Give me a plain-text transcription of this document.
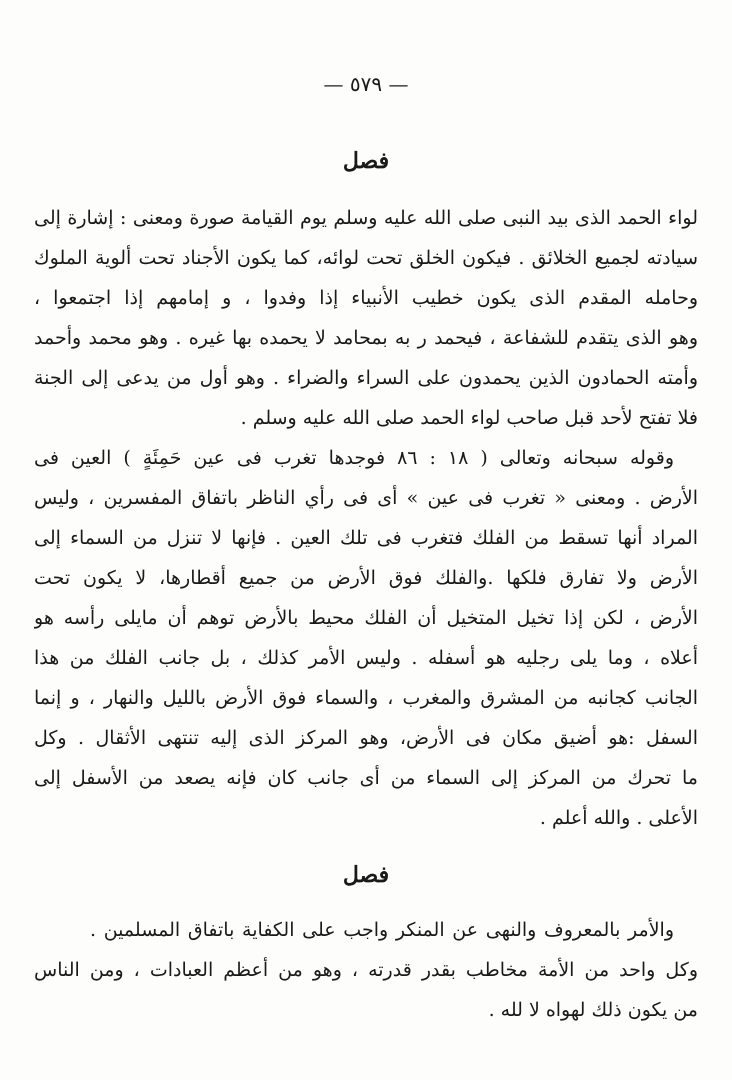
— ٥٧٩ —
فصل
لواء الحمد الذى بيد النبى صلى الله عليه وسلم يوم القيامة صورة ومعنى : إشارة إلى
سيادته لجميع الخلائق . فيكون الخلق تحت لوائه، كما يكون الأجناد تحت ألوية الملوك
وحامله المقدم الذى يكون خطيب الأنبياء إذا وفدوا ، و إمامهم إذا اجتمعوا ،
وهو الذى يتقدم للشفاعة ، فيحمد ر به بمحامد لا يحمده بها غيره . وهو محمد وأحمد
وأمته الحمادون الذين يحمدون على السراء والضراء . وهو أول من يدعى إلى الجنة
فلا تفتح لأحد قبل صاحب لواء الحمد صلى الله عليه وسلم .
وقوله سبحانه وتعالى ( ١٨ : ٨٦ فوجدها تغرب فى عين حَمِئَةٍ ) العين فى
الأرض . ومعنى « تغرب فى عين » أى فى رأي الناظر باتفاق المفسرين ، وليس
المراد أنها تسقط من الفلك فتغرب فى تلك العين . فإنها لا تنزل من السماء إلى
الأرض ولا تفارق فلكها .والفلك فوق الأرض من جميع أقطارها، لا يكون تحت
الأرض ، لكن إذا تخيل المتخيل أن الفلك محيط بالأرض توهم أن مايلى رأسه هو
أعلاه ، وما يلى رجليه هو أسفله . وليس الأمر كذلك ، بل جانب الفلك من هذا
الجانب كجانبه من المشرق والمغرب ، والسماء فوق الأرض بالليل والنهار ، و إنما
السفل :هو أضيق مكان فى الأرض، وهو المركز الذى إليه تنتهى الأثقال . وكل
ما تحرك من المركز إلى السماء من أى جانب كان فإنه يصعد من الأسفل إلى
الأعلى . والله أعلم .
فصل
والأمر بالمعروف والنهى عن المنكر واجب على الكفاية باتفاق المسلمين .
وكل واحد من الأمة مخاطب بقدر قدرته ، وهو من أعظم العبادات ، ومن الناس
من يكون ذلك لهواه لا لله .
